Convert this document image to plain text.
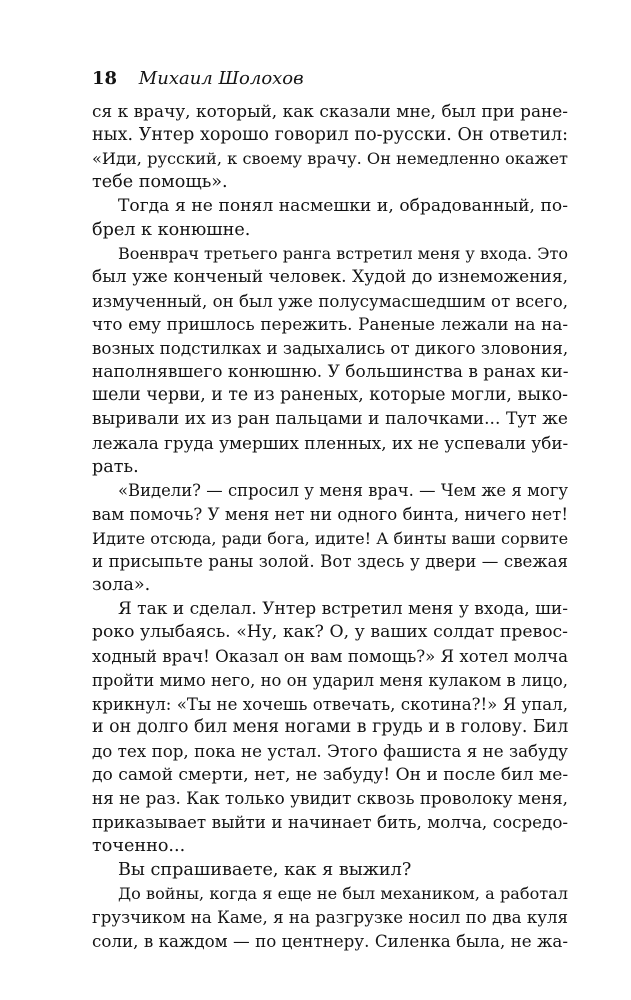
18 Михаил Шолохов
ся к врачу, который, как сказали мне, был при ране-
ных. Унтер хорошо говорил по-русски. Он ответил:
«Иди, русский, к своему врачу. Он немедленно окажет
тебе помощь».
Тогда я не понял насмешки и, обрадованный, по-
брел к конюшне.
Военврач третьего ранга встретил меня у входа. Это
был уже конченый человек. Худой до изнеможения,
измученный, он был уже полусумасшедшим от всего,
что ему пришлось пережить. Раненые лежали на на-
возных подстилках и задыхались от дикого зловония,
наполнявшего конюшню. У большинства в ранах ки-
шели черви, и те из раненых, которые могли, выко-
выривали их из ран пальцами и палочками... Тут же
лежала груда умерших пленных, их не успевали уби-
рать.
«Видели? — спросил у меня врач. — Чем же я могу
вам помочь? У меня нет ни одного бинта, ничего нет!
Идите отсюда, ради бога, идите! А бинты ваши сорвите
и присыпьте раны золой. Вот здесь у двери — свежая
зола».
Я так и сделал. Унтер встретил меня у входа, ши-
роко улыбаясь. «Ну, как? О, у ваших солдат превос-
ходный врач! Оказал он вам помощь?» Я хотел молча
пройти мимо него, но он ударил меня кулаком в лицо,
крикнул: «Ты не хочешь отвечать, скотина?!» Я упал,
и он долго бил меня ногами в грудь и в голову. Бил
до тех пор, пока не устал. Этого фашиста я не забуду
до самой смерти, нет, не забуду! Он и после бил ме-
ня не раз. Как только увидит сквозь проволоку меня,
приказывает выйти и начинает бить, молча, сосредо-
точенно...
Вы спрашиваете, как я выжил?
До войны, когда я еще не был механиком, а работал
грузчиком на Каме, я на разгрузке носил по два куля
соли, в каждом — по центнеру. Силенка была, не жа-
